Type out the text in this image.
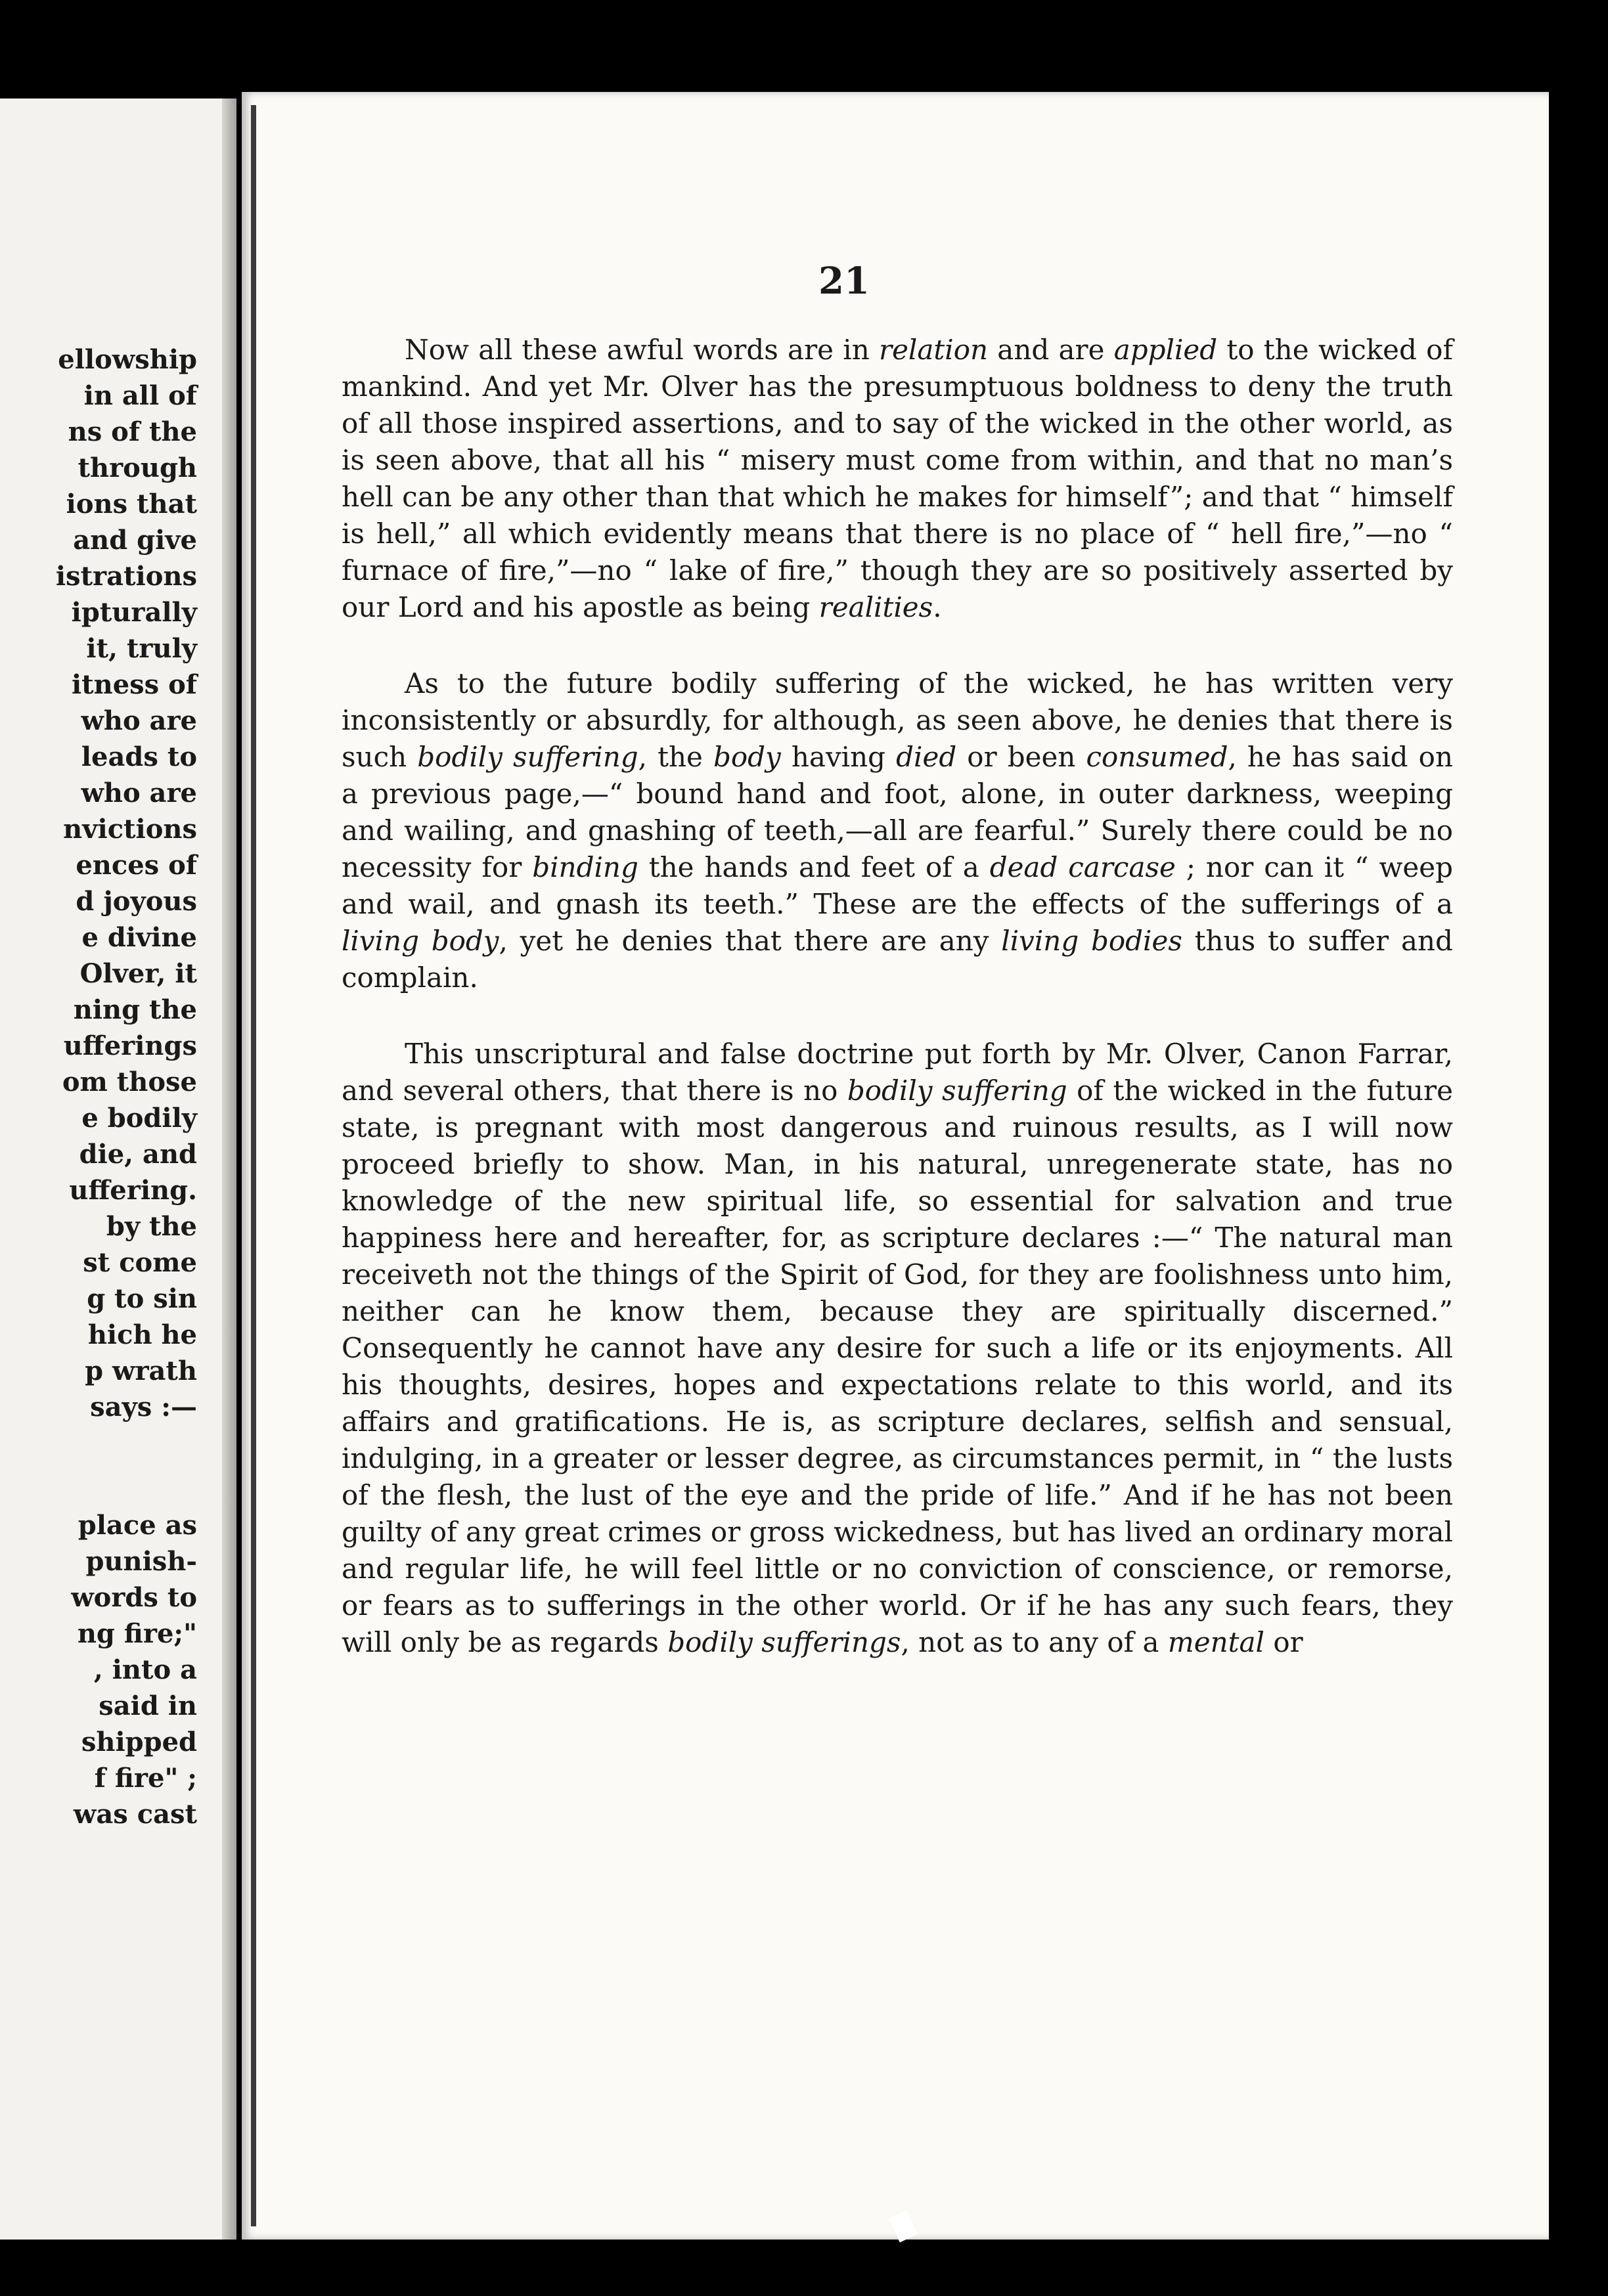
ellowship
in all of
ns of the
through
ions that
and give
istrations
ipturally
it, truly
itness of
who are
leads to
who are
nvictions
ences of
d joyous
e divine
Olver, it
ning the
ufferings
om those
e bodily
die, and
uffering.
by the
st come
g to sin
hich he
p wrath
says :—
place as
punish-
words to
ng fire;"
, into a
said in
shipped
f fire" ;
was cast
21

Now all these awful words are in relation and are applied to the wicked of mankind. And yet Mr. Olver has the presumptuous boldness to deny the truth of all those inspired assertions, and to say of the wicked in the other world, as is seen above, that all his “ misery must come from within, and that no man’s hell can be any other than that which he makes for himself”; and that “ himself is hell,” all which evidently means that there is no place of “ hell fire,”—no “ furnace of fire,”—no “ lake of fire,” though they are so positively asserted by our Lord and his apostle as being realities.

As to the future bodily suffering of the wicked, he has written very inconsistently or absurdly, for although, as seen above, he denies that there is such bodily suffering, the body having died or been consumed, he has said on a previous page,—“ bound hand and foot, alone, in outer darkness, weeping and wailing, and gnashing of teeth,—all are fearful.” Surely there could be no necessity for binding the hands and feet of a dead carcase ; nor can it “ weep and wail, and gnash its teeth.” These are the effects of the sufferings of a living body, yet he denies that there are any living bodies thus to suffer and complain.

This unscriptural and false doctrine put forth by Mr. Olver, Canon Farrar, and several others, that there is no bodily suffering of the wicked in the future state, is pregnant with most dangerous and ruinous results, as I will now proceed briefly to show. Man, in his natural, unregenerate state, has no knowledge of the new spiritual life, so essential for salvation and true happiness here and hereafter, for, as scripture declares :—“ The natural man receiveth not the things of the Spirit of God, for they are foolishness unto him, neither can he know them, because they are spiritually discerned.” Consequently he cannot have any desire for such a life or its enjoyments. All his thoughts, desires, hopes and expectations relate to this world, and its affairs and gratifications. He is, as scripture declares, selfish and sensual, indulging, in a greater or lesser degree, as circumstances permit, in “ the lusts of the flesh, the lust of the eye and the pride of life.” And if he has not been guilty of any great crimes or gross wickedness, but has lived an ordinary moral and regular life, he will feel little or no conviction of conscience, or remorse, or fears as to sufferings in the other world. Or if he has any such fears, they will only be as regards bodily sufferings, not as to any of a mental or
